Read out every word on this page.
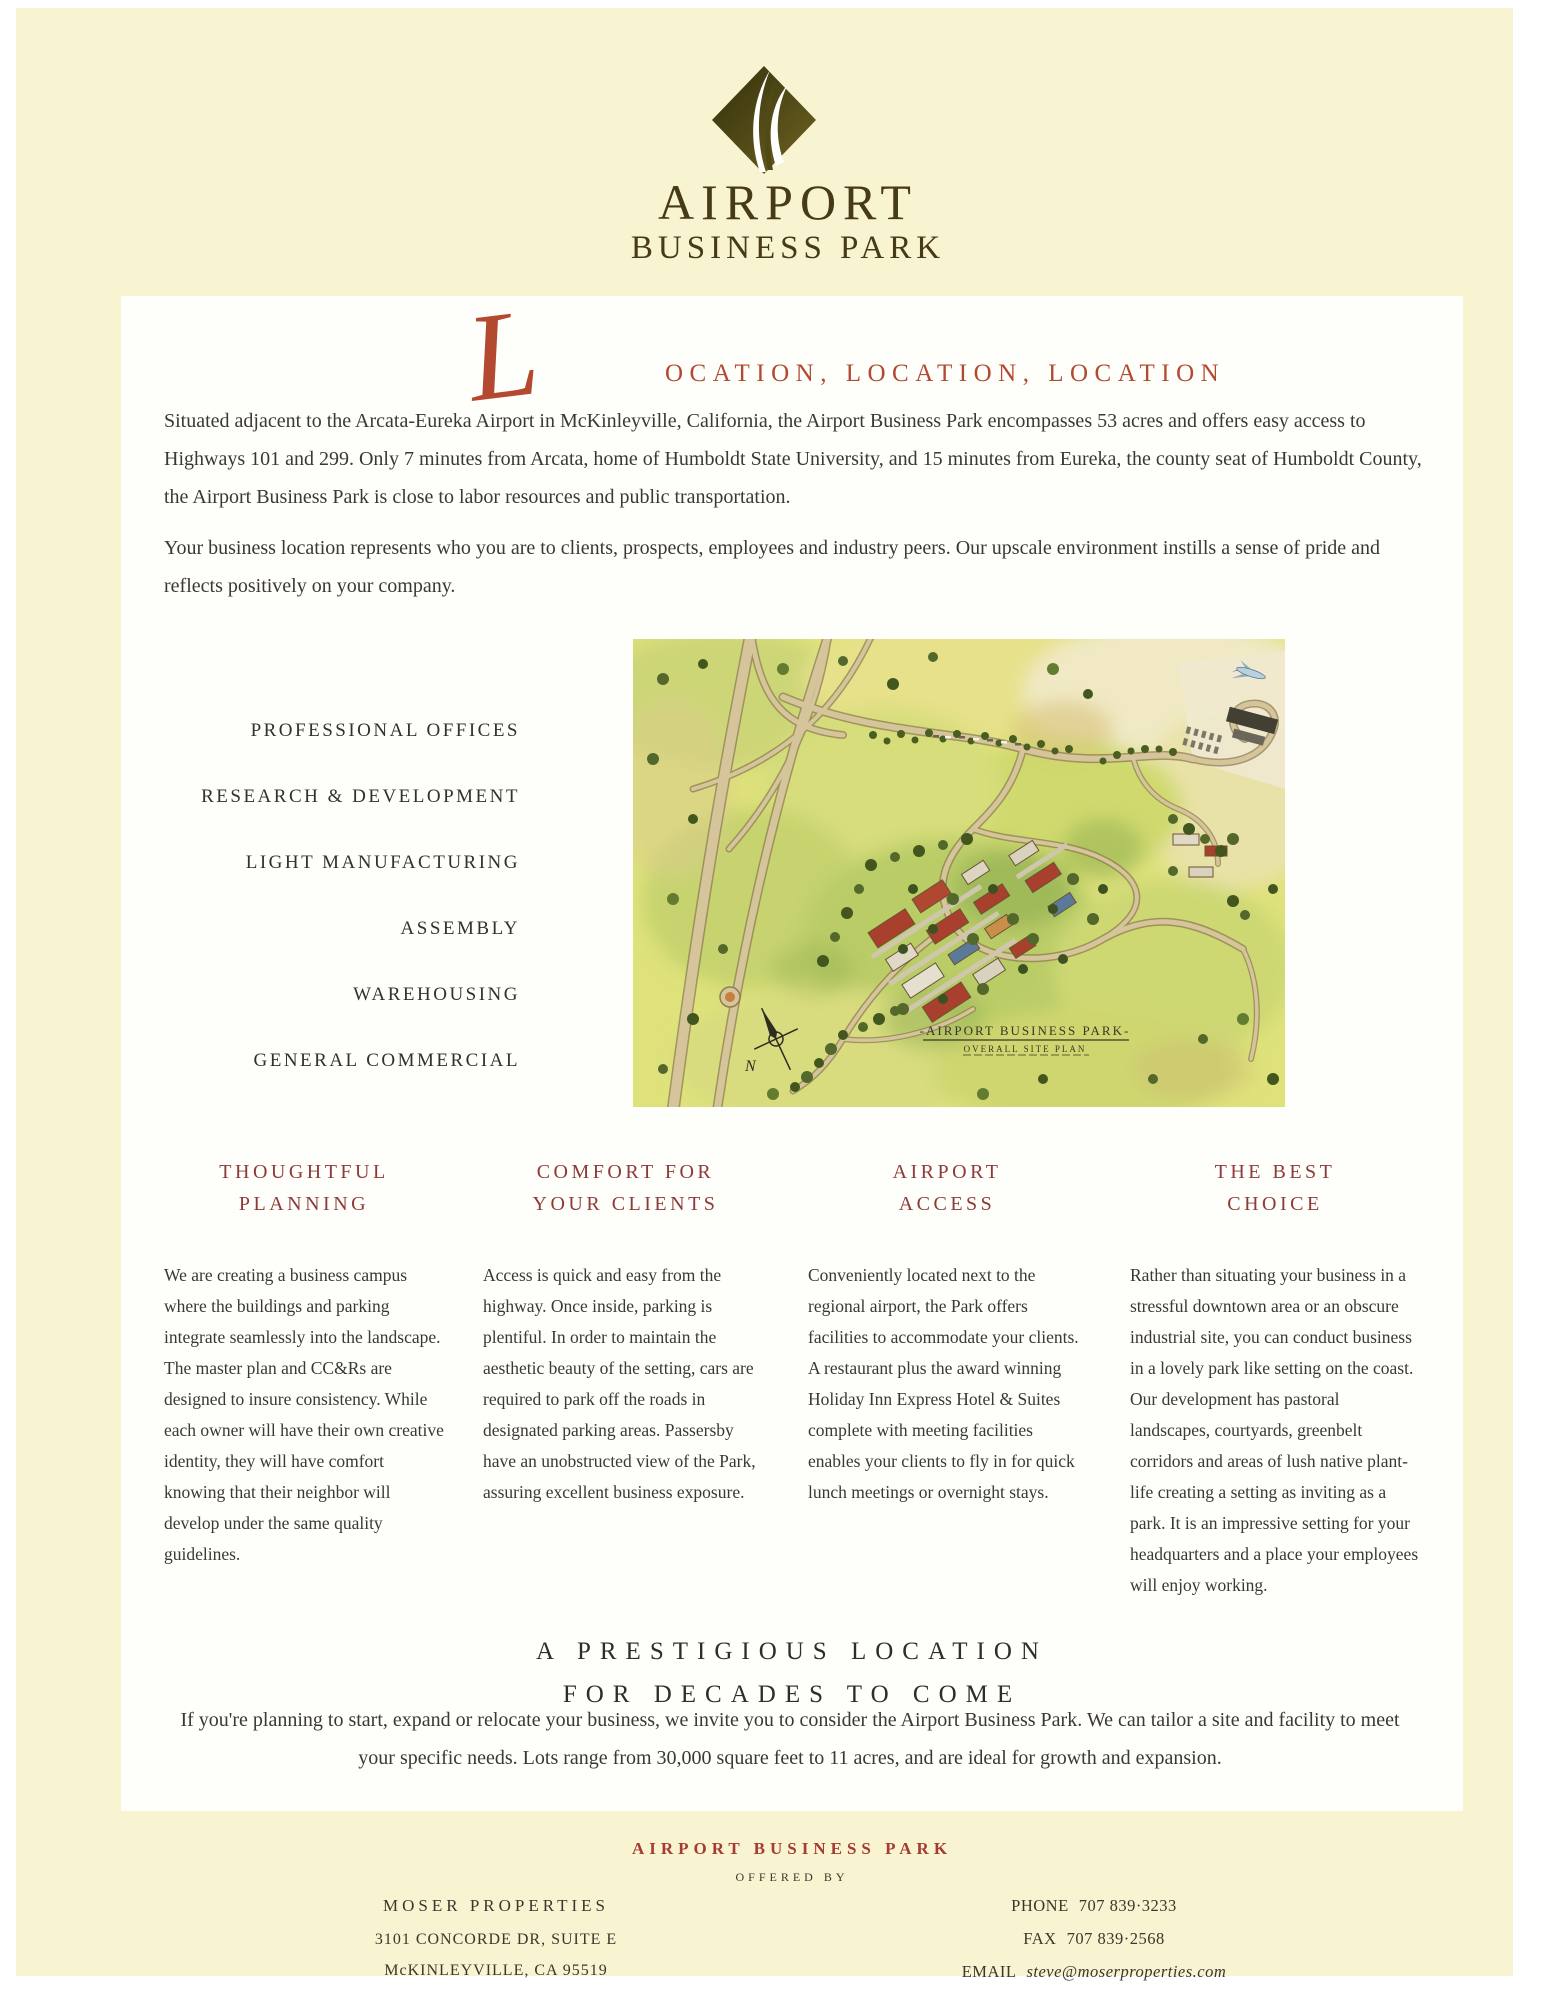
AIRPORT
BUSINESS PARK
L	OCATION, LOCATION, LOCATION
Situated adjacent to the Arcata-Eureka Airport in McKinleyville, California, the Airport Business Park encompasses 53 acres and offers easy access to Highways 101 and 299. Only 7 minutes from Arcata, home of Humboldt State University, and 15 minutes from Eureka, the county seat of Humboldt County, the Airport Business Park is close to labor resources and public transportation.
Your business location represents who you are to clients, prospects, employees and industry peers. Our upscale environment instills a sense of pride and reflects positively on your company.
PROFESSIONAL OFFICES
RESEARCH & DEVELOPMENT
LIGHT MANUFACTURING
ASSEMBLY
WAREHOUSING
GENERAL COMMERCIAL	N
-AIRPORT BUSINESS PARK-
OVERALL SITE PLAN
THOUGHTFUL
PLANNING
We are creating a business campus where the buildings and parking integrate seamlessly into the landscape. The master plan and CC&Rs are designed to insure consistency. While each owner will have their own creative identity, they will have comfort knowing that their neighbor will develop under the same quality guidelines.
COMFORT FOR
YOUR CLIENTS
Access is quick and easy from the highway. Once inside, parking is plentiful. In order to maintain the aesthetic beauty of the setting, cars are required to park off the roads in designated parking areas. Passersby have an unobstructed view of the Park, assuring excellent business exposure.
AIRPORT
ACCESS
Conveniently located next to the regional airport, the Park offers facilities to accommodate your clients. A restaurant plus the award winning Holiday Inn Express Hotel & Suites complete with meeting facilities enables your clients to fly in for quick lunch meetings or overnight stays.
THE BEST
CHOICE
Rather than situating your business in a stressful downtown area or an obscure industrial site, you can conduct business in a lovely park like setting on the coast. Our development has pastoral landscapes, courtyards, greenbelt corridors and areas of lush native plant-life creating a setting as inviting as a park. It is an impressive setting for your headquarters and a place your employees will enjoy working.
A PRESTIGIOUS LOCATION
FOR DECADES TO COME
If you're planning to start, expand or relocate your business, we invite you to consider the Airport Business Park. We can tailor a site and facility to meet your specific needs. Lots range from 30,000 square feet to 11 acres, and are ideal for growth and expansion.
AIRPORT BUSINESS PARK
OFFERED BY
MOSER PROPERTIES
3101 CONCORDE DR, SUITE E
McKINLEYVILLE, CA 95519
PHONE 707 839·3233
FAX 707 839·2568
EMAIL steve@moserproperties.com
